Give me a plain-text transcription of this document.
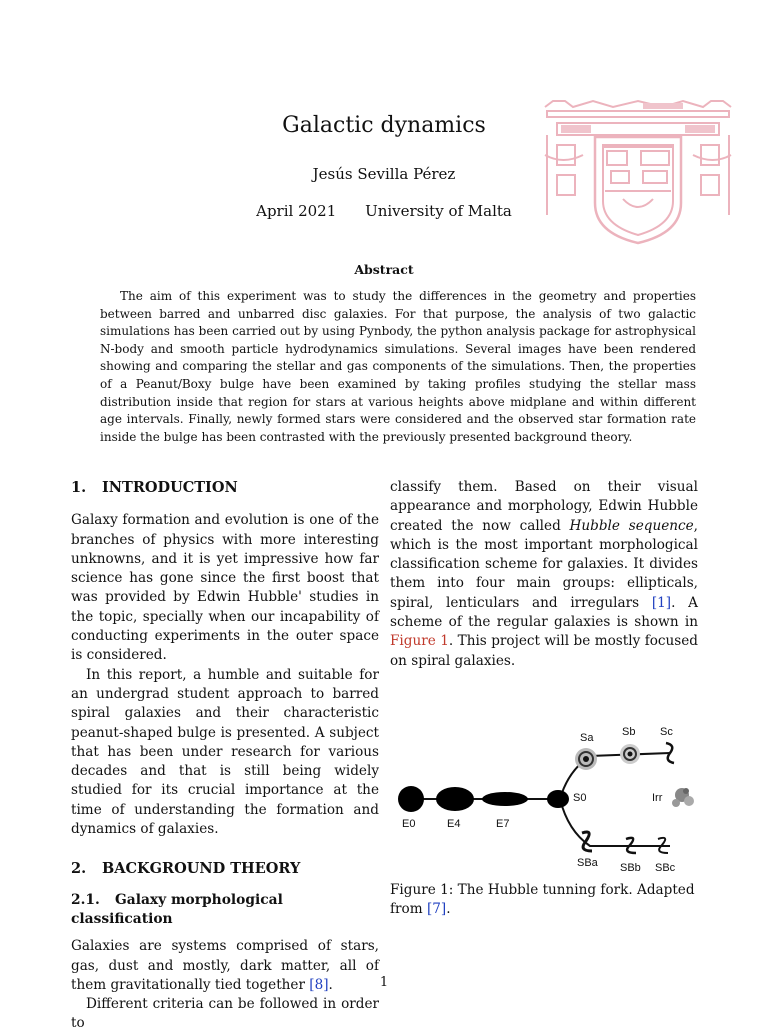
Galactic dynamics
Jesús Sevilla Pérez
April 2021 University of Malta
Abstract
The aim of this experiment was to study the differences in the geometry and properties between barred and unbarred disc galaxies. For that purpose, the analysis of two galactic simulations has been carried out by using Pynbody, the python analysis package for astrophysical N-body and smooth particle hydrodynamics simulations. Several images have been rendered showing and comparing the stellar and gas components of the simulations. Then, the properties of a Peanut/Boxy bulge have been examined by taking profiles studying the stellar mass distribution inside that region for stars at various heights above midplane and within different age intervals. Finally, newly formed stars were considered and the observed star formation rate inside the bulge has been contrasted with the previously presented background theory.
1. INTRODUCTION

Galaxy formation and evolution is one of the branches of physics with more interesting unknowns, and it is yet impressive how far science has gone since the first boost that was provided by Edwin Hubble' studies in the topic, specially when our incapability of conducting experiments in the outer space is considered.

In this report, a humble and suitable for an undergrad student approach to barred spiral galaxies and their characteristic peanut-shaped bulge is presented. A subject that has been under research for various decades and that is still being widely studied for its crucial importance at the time of understanding the formation and dynamics of galaxies.

2. BACKGROUND THEORY
2.1. Galaxy morphological classification

Galaxies are systems comprised of stars, gas, dust and mostly, dark matter, all of them gravitationally tied together [8].

Different criteria can be followed in order to

classify them. Based on their visual appearance and morphology, Edwin Hubble created the now called Hubble sequence, which is the most important morphological classification scheme for galaxies. It divides them into four main groups: ellipticals, spiral, lenticulars and irregulars [1]. A scheme of the regular galaxies is shown in Figure 1. This project will be mostly focused on spiral galaxies.

Sa	Sb Sc
Irr
E0	E4	E7
S0
SBa SBb SBc

Figure 1: The Hubble tunning fork. Adapted from [7].

1
